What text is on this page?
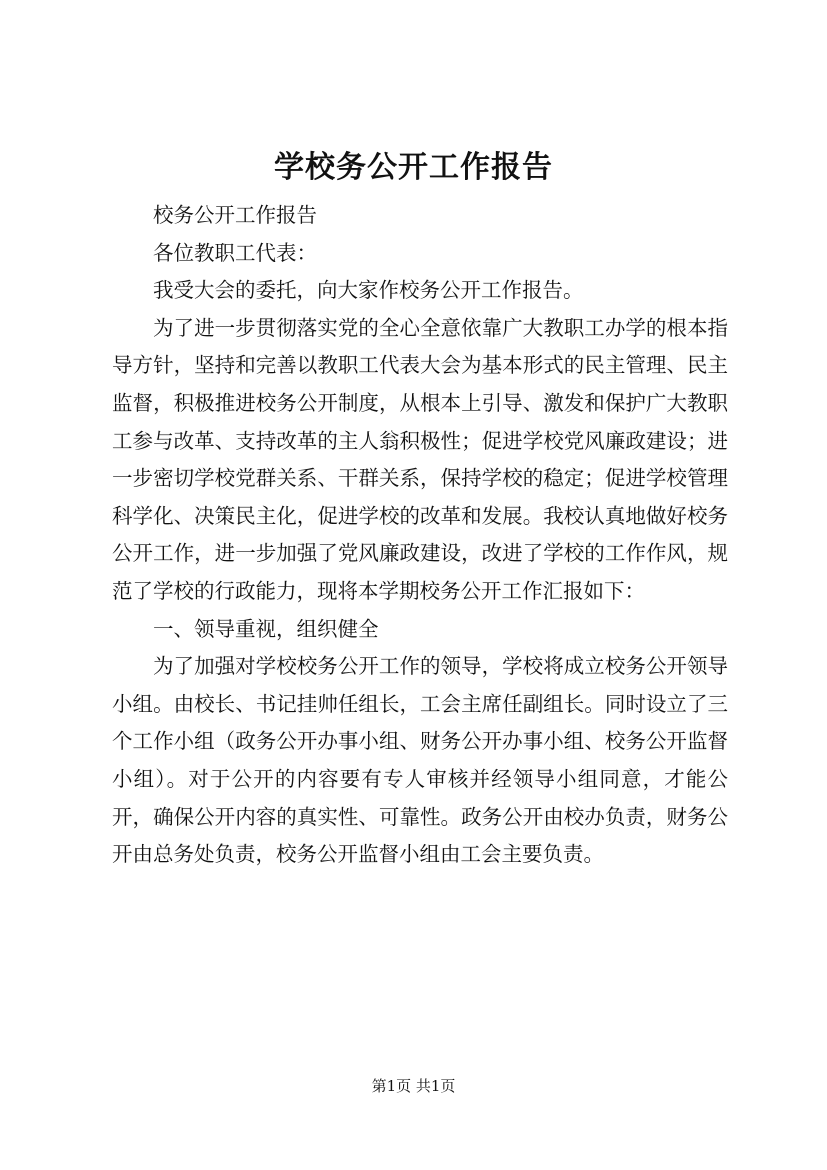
学校务公开工作报告

校务公开工作报告

各位教职工代表：

我受大会的委托，向大家作校务公开工作报告。

为了进一步贯彻落实党的全心全意依靠广大教职工办学的根本指导方针，坚持和完善以教职工代表大会为基本形式的民主管理、民主监督，积极推进校务公开制度，从根本上引导、激发和保护广大教职工参与改革、支持改革的主人翁积极性；促进学校党风廉政建设；进一步密切学校党群关系、干群关系，保持学校的稳定；促进学校管理科学化、决策民主化，促进学校的改革和发展。我校认真地做好校务公开工作，进一步加强了党风廉政建设，改进了学校的工作作风，规范了学校的行政能力，现将本学期校务公开工作汇报如下：

一、领导重视，组织健全

为了加强对学校校务公开工作的领导，学校将成立校务公开领导小组。由校长、书记挂帅任组长，工会主席任副组长。同时设立了三个工作小组（政务公开办事小组、财务公开办事小组、校务公开监督小组）。对于公开的内容要有专人审核并经领导小组同意，才能公开，确保公开内容的真实性、可靠性。政务公开由校办负责，财务公开由总务处负责，校务公开监督小组由工会主要负责。

第1页 共1页
